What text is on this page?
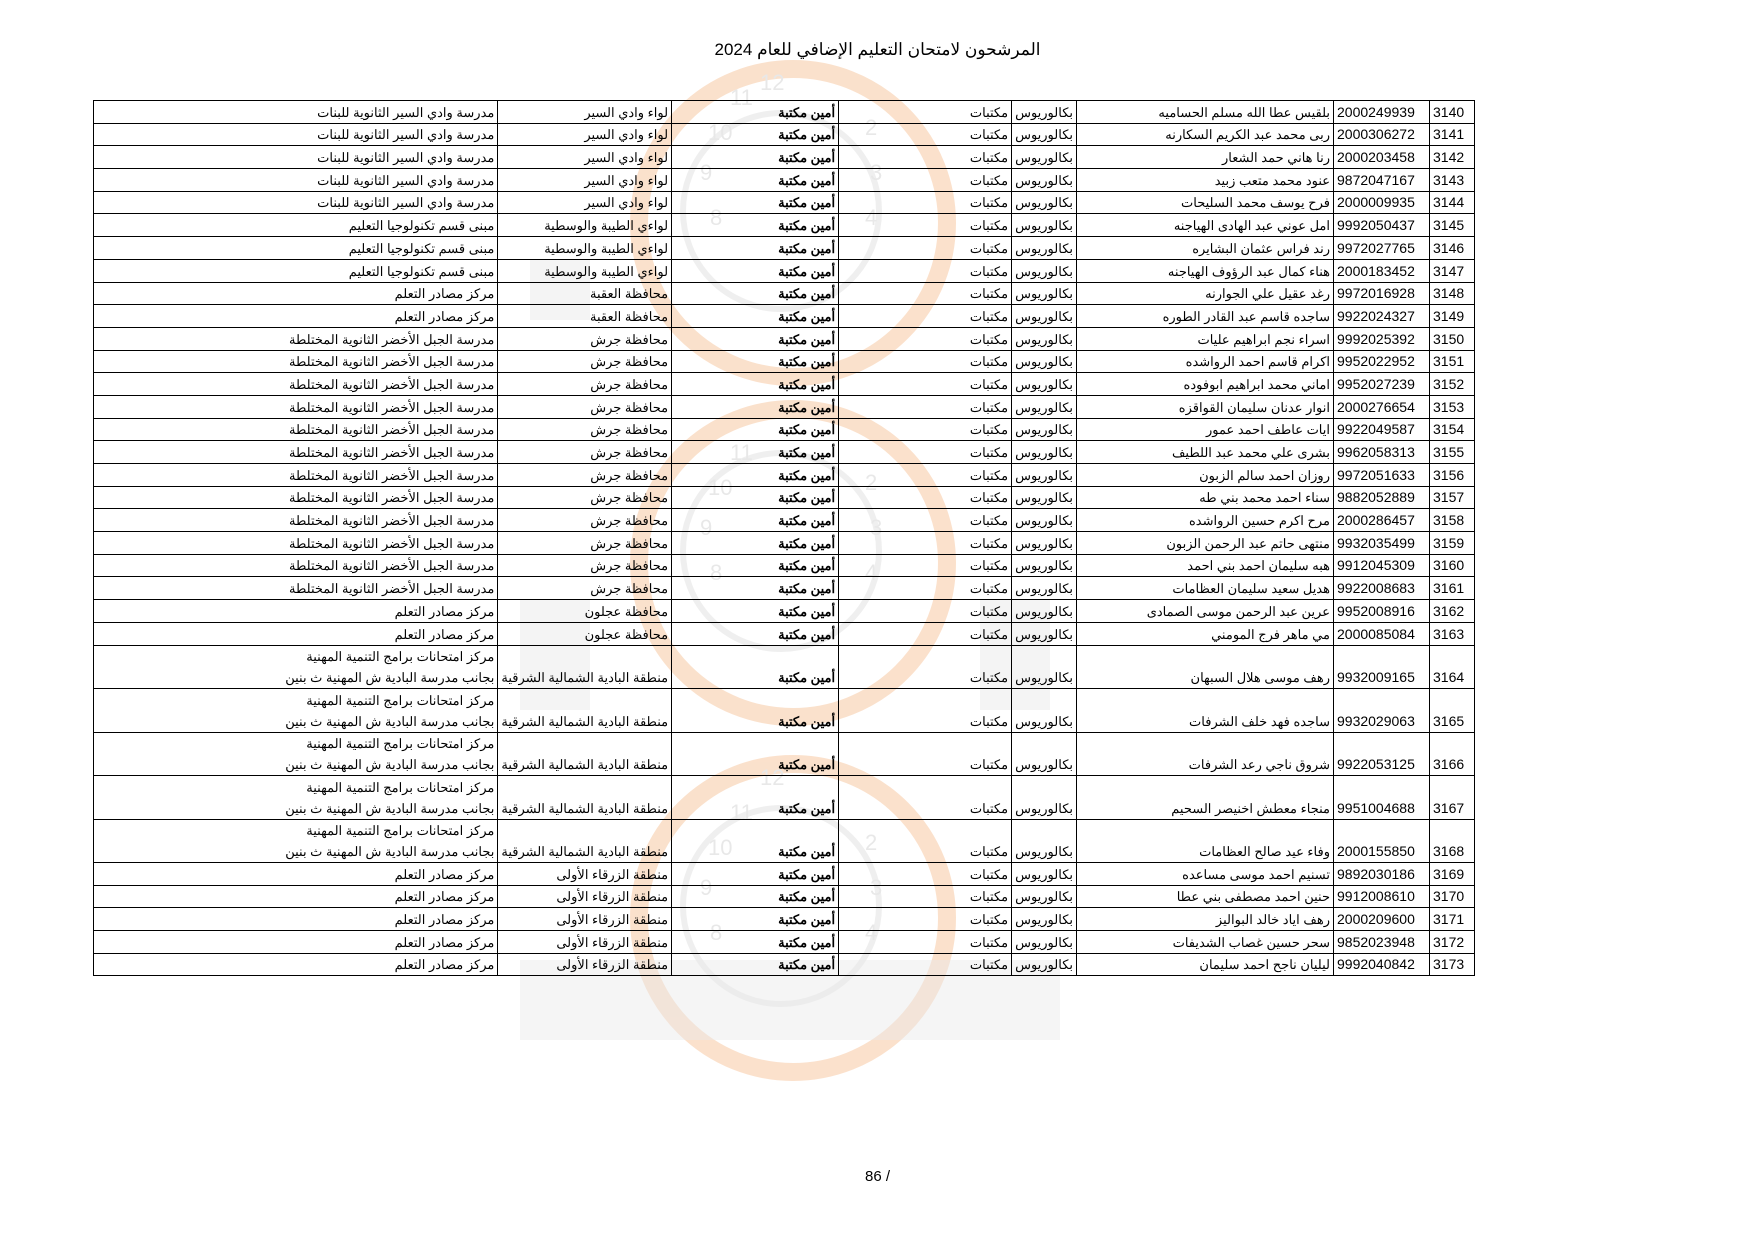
المرشحون لامتحان التعليم الإضافي للعام 2024
12
11
10
9
8
2
3
4
11
10
9
8
2
3
4
12
11
10
9
8
2
3
4
3140	2000249939	بلقيس عطا الله مسلم الحساميه	بكالوريوس	مكتبات	أمين مكتبة	لواء وادي السير	مدرسة وادي السير الثانوية للبنات

3141	2000306272	ربى محمد عبد الكريم السكارنه	بكالوريوس	مكتبات	أمين مكتبة	لواء وادي السير	مدرسة وادي السير الثانوية للبنات

3142	2000203458	رنا هاني حمد الشعار	بكالوريوس	مكتبات	أمين مكتبة	لواء وادي السير	مدرسة وادي السير الثانوية للبنات

3143	9872047167	عنود محمد متعب زبيد	بكالوريوس	مكتبات	أمين مكتبة	لواء وادي السير	مدرسة وادي السير الثانوية للبنات

3144	2000009935	فرح يوسف محمد السليحات	بكالوريوس	مكتبات	أمين مكتبة	لواء وادي السير	مدرسة وادي السير الثانوية للبنات

3145	9992050437	امل عوني عبد الهادى الهياجنه	بكالوريوس	مكتبات	أمين مكتبة	لواءي الطيبة والوسطية	مبنى قسم تكنولوجيا التعليم

3146	9972027765	رند فراس عثمان البشايره	بكالوريوس	مكتبات	أمين مكتبة	لواءي الطيبة والوسطية	مبنى قسم تكنولوجيا التعليم

3147	2000183452	هناء كمال عبد الرؤوف الهياجنه	بكالوريوس	مكتبات	أمين مكتبة	لواءي الطيبة والوسطية	مبنى قسم تكنولوجيا التعليم

3148	9972016928	رغد عقيل علي الجوارنه	بكالوريوس	مكتبات	أمين مكتبة	محافظة العقبة	مركز مصادر التعلم

3149	9922024327	ساجده قاسم عبد القادر الطوره	بكالوريوس	مكتبات	أمين مكتبة	محافظة العقبة	مركز مصادر التعلم

3150	9992025392	اسراء نجم ابراهيم عليات	بكالوريوس	مكتبات	أمين مكتبة	محافظة جرش	مدرسة الجبل الأخضر الثانوية المختلطة

3151	9952022952	اكرام قاسم احمد الرواشده	بكالوريوس	مكتبات	أمين مكتبة	محافظة جرش	مدرسة الجبل الأخضر الثانوية المختلطة

3152	9952027239	اماني محمد ابراهيم ابوفوده	بكالوريوس	مكتبات	أمين مكتبة	محافظة جرش	مدرسة الجبل الأخضر الثانوية المختلطة

3153	2000276654	انوار عدنان سليمان القواقزه	بكالوريوس	مكتبات	أمين مكتبة	محافظة جرش	مدرسة الجبل الأخضر الثانوية المختلطة

3154	9922049587	ايات عاطف احمد عمور	بكالوريوس	مكتبات	أمين مكتبة	محافظة جرش	مدرسة الجبل الأخضر الثانوية المختلطة

3155	9962058313	بشرى علي محمد عبد اللطيف	بكالوريوس	مكتبات	أمين مكتبة	محافظة جرش	مدرسة الجبل الأخضر الثانوية المختلطة

3156	9972051633	روزان احمد سالم الزبون	بكالوريوس	مكتبات	أمين مكتبة	محافظة جرش	مدرسة الجبل الأخضر الثانوية المختلطة

3157	9882052889	سناء احمد محمد بني طه	بكالوريوس	مكتبات	أمين مكتبة	محافظة جرش	مدرسة الجبل الأخضر الثانوية المختلطة

3158	2000286457	مرح اكرم حسين الرواشده	بكالوريوس	مكتبات	أمين مكتبة	محافظة جرش	مدرسة الجبل الأخضر الثانوية المختلطة

3159	9932035499	منتهى حاتم عبد الرحمن الزبون	بكالوريوس	مكتبات	أمين مكتبة	محافظة جرش	مدرسة الجبل الأخضر الثانوية المختلطة

3160	9912045309	هبه سليمان احمد بني احمد	بكالوريوس	مكتبات	أمين مكتبة	محافظة جرش	مدرسة الجبل الأخضر الثانوية المختلطة

3161	9922008683	هديل سعيد سليمان العظامات	بكالوريوس	مكتبات	أمين مكتبة	محافظة جرش	مدرسة الجبل الأخضر الثانوية المختلطة

3162	9952008916	عرين عبد الرحمن موسى الصمادى	بكالوريوس	مكتبات	أمين مكتبة	محافظة عجلون	مركز مصادر التعلم

3163	2000085084	مي ماهر فرج المومني	بكالوريوس	مكتبات	أمين مكتبة	محافظة عجلون	مركز مصادر التعلم

3164	9932009165	رهف موسى هلال السبهان	بكالوريوس	مكتبات	أمين مكتبة	منطقة البادية الشمالية الشرقية	مركز امتحانات برامج التنمية المهنية
بجانب مدرسة البادية ش المهنية ث بنين

3165	9932029063	ساجده فهد خلف الشرفات	بكالوريوس	مكتبات	أمين مكتبة	منطقة البادية الشمالية الشرقية	مركز امتحانات برامج التنمية المهنية
بجانب مدرسة البادية ش المهنية ث بنين

3166	9922053125	شروق ناجي رعد الشرفات	بكالوريوس	مكتبات	أمين مكتبة	منطقة البادية الشمالية الشرقية	مركز امتحانات برامج التنمية المهنية
بجانب مدرسة البادية ش المهنية ث بنين

3167	9951004688	منجاء معطش اخنيصر السحيم	بكالوريوس	مكتبات	أمين مكتبة	منطقة البادية الشمالية الشرقية	مركز امتحانات برامج التنمية المهنية
بجانب مدرسة البادية ش المهنية ث بنين

3168	2000155850	وفاء عيد صالح العظامات	بكالوريوس	مكتبات	أمين مكتبة	منطقة البادية الشمالية الشرقية	مركز امتحانات برامج التنمية المهنية
بجانب مدرسة البادية ش المهنية ث بنين

3169	9892030186	تسنيم احمد موسى مساعده	بكالوريوس	مكتبات	أمين مكتبة	منطقة الزرقاء الأولى	مركز مصادر التعلم

3170	9912008610	حنين احمد مصطفى بني عطا	بكالوريوس	مكتبات	أمين مكتبة	منطقة الزرقاء الأولى	مركز مصادر التعلم

3171	2000209600	رهف اياد خالد البواليز	بكالوريوس	مكتبات	أمين مكتبة	منطقة الزرقاء الأولى	مركز مصادر التعلم

3172	9852023948	سحر حسين غصاب الشديفات	بكالوريوس	مكتبات	أمين مكتبة	منطقة الزرقاء الأولى	مركز مصادر التعلم

3173	9992040842	ليليان ناجح احمد سليمان	بكالوريوس	مكتبات	أمين مكتبة	منطقة الزرقاء الأولى	مركز مصادر التعلم
86 /
